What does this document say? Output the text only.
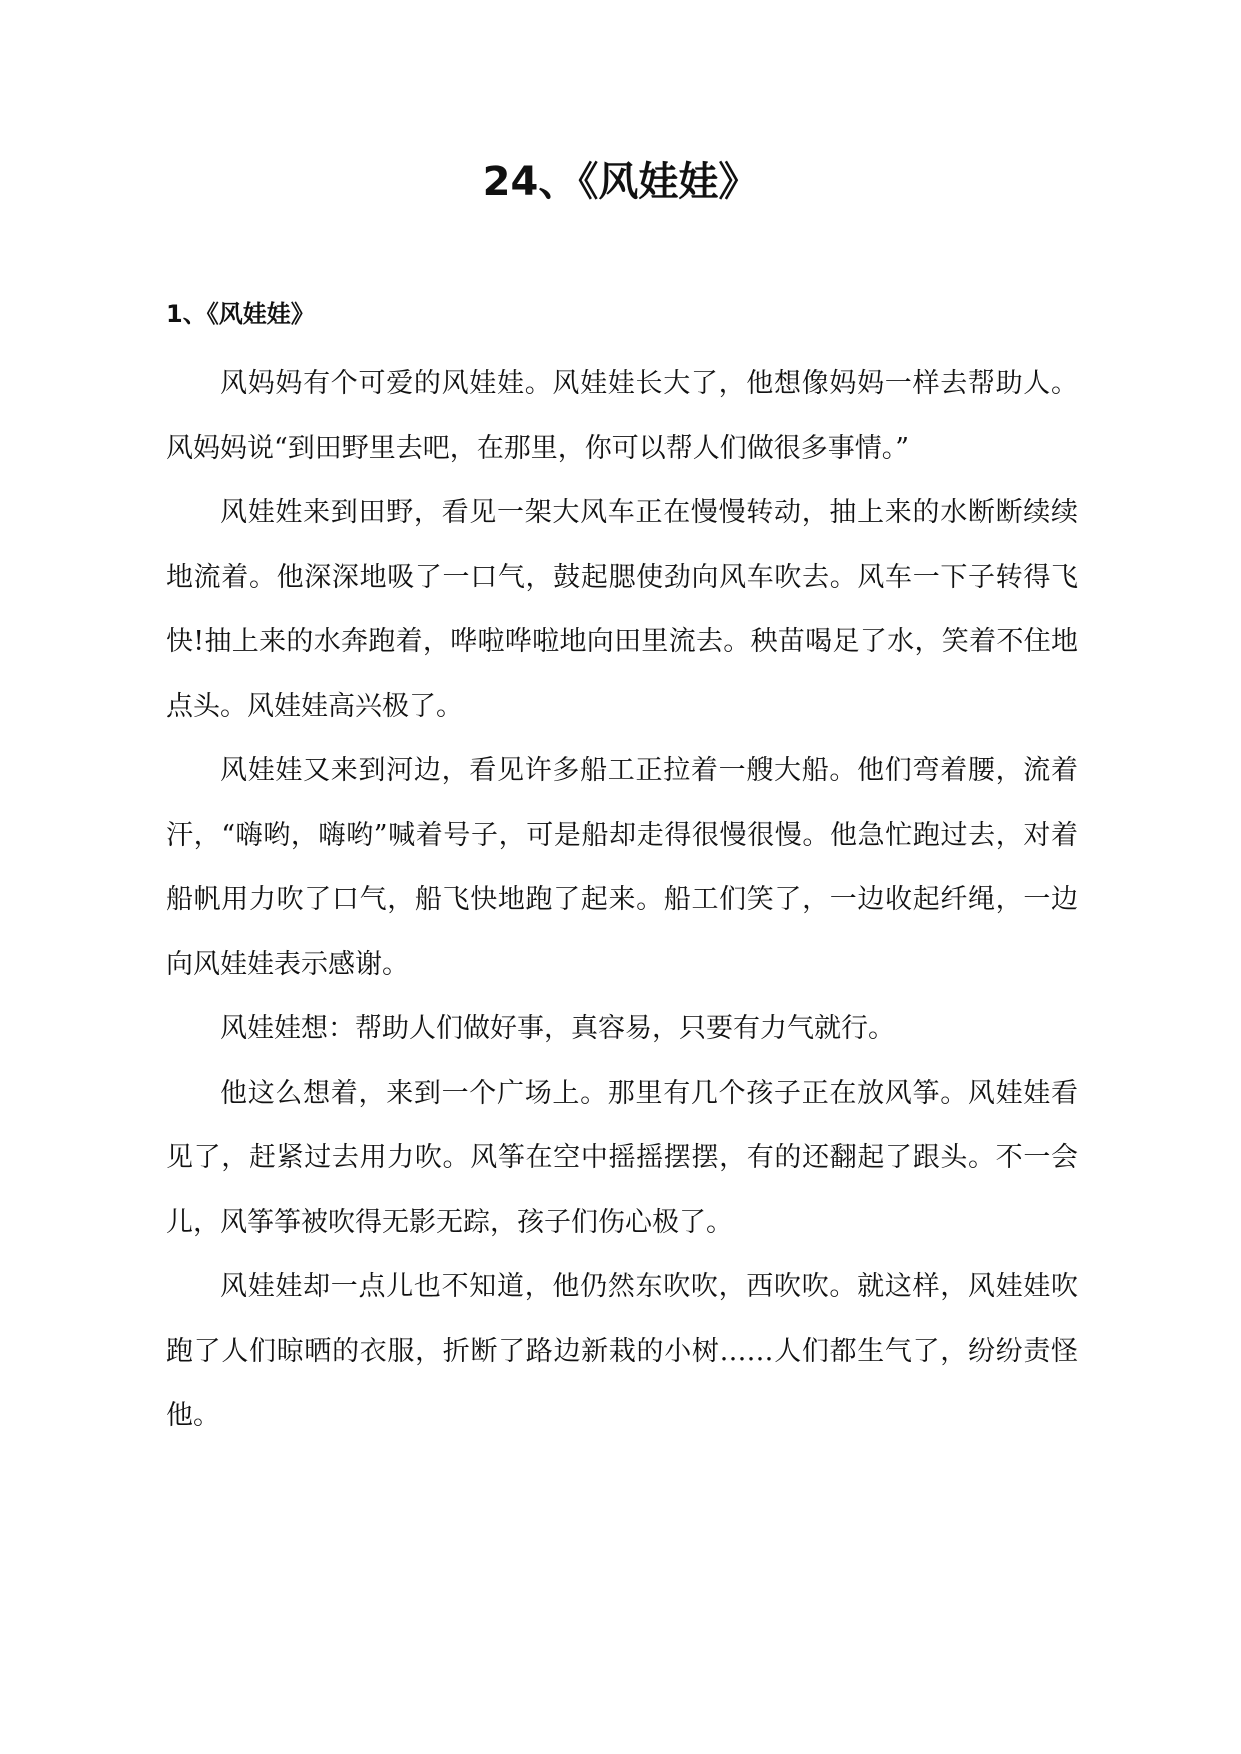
24、《风娃娃》
1、《风娃娃》

风妈妈有个可爱的风娃娃。风娃娃长大了，他想像妈妈一样去帮助人。风妈妈说“到田野里去吧，在那里，你可以帮人们做很多事情。”

风娃姓来到田野，看见一架大风车正在慢慢转动，抽上来的水断断续续地流着。他深深地吸了一口气，鼓起腮使劲向风车吹去。风车一下子转得飞快!抽上来的水奔跑着，哗啦哗啦地向田里流去。秧苗喝足了水，笑着不住地点头。风娃娃高兴极了。

风娃娃又来到河边，看见许多船工正拉着一艘大船。他们弯着腰，流着汗，“嗨哟，嗨哟”喊着号子，可是船却走得很慢很慢。他急忙跑过去，对着船帆用力吹了口气，船飞快地跑了起来。船工们笑了，一边收起纤绳，一边向风娃娃表示感谢。

风娃娃想：帮助人们做好事，真容易，只要有力气就行。

他这么想着，来到一个广场上。那里有几个孩子正在放风筝。风娃娃看见了，赶紧过去用力吹。风筝在空中摇摇摆摆，有的还翻起了跟头。不一会儿，风筝筝被吹得无影无踪，孩子们伤心极了。

风娃娃却一点儿也不知道，他仍然东吹吹，西吹吹。就这样，风娃娃吹跑了人们晾晒的衣服，折断了路边新栽的小树……人们都生气了，纷纷责怪他。
